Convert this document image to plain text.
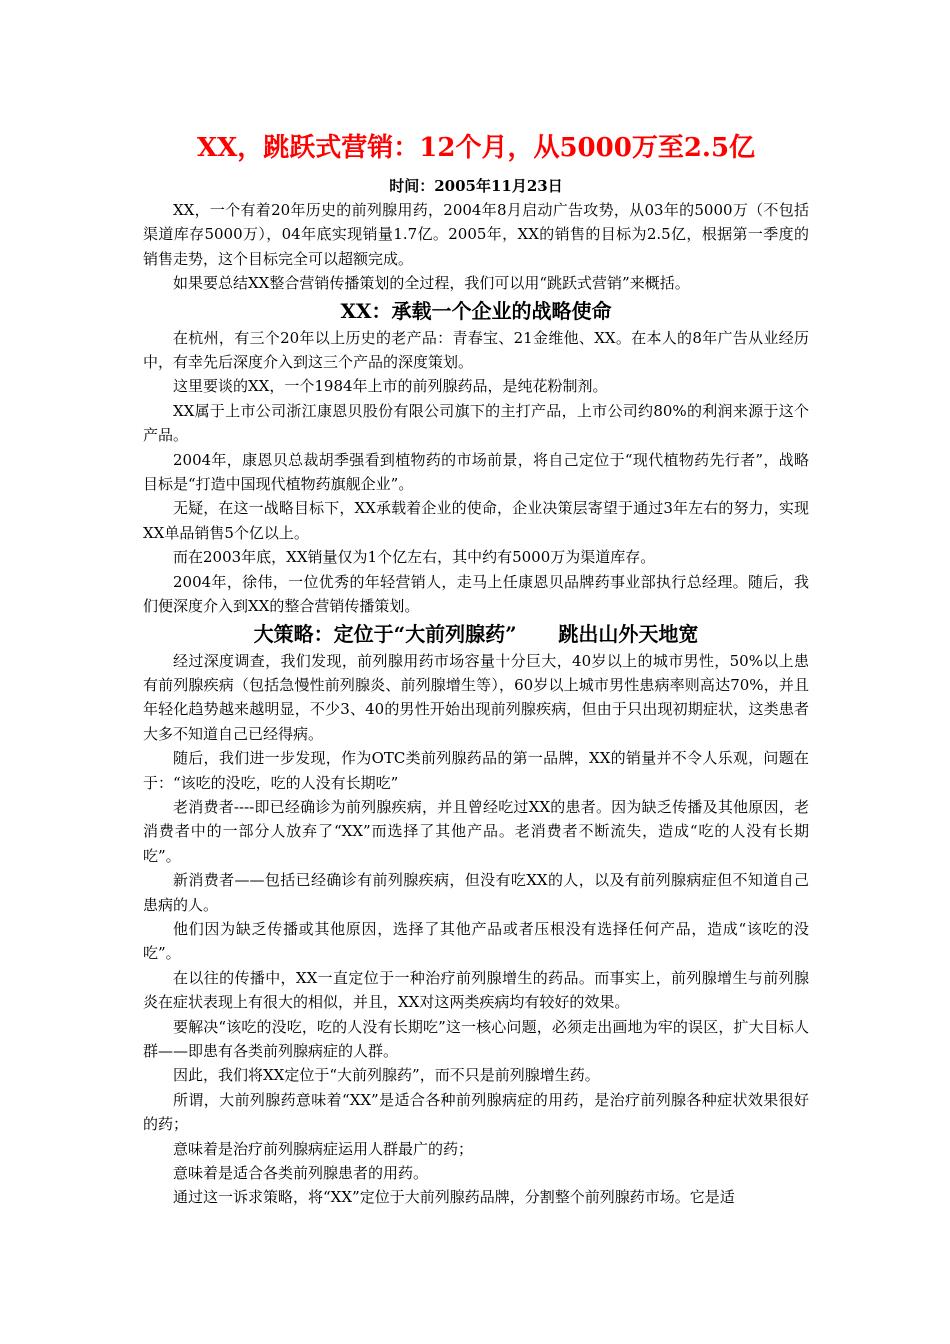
XX，跳跃式营销：12个月，从5000万至2.5亿

时间：2005年11月23日

XX，一个有着20年历史的前列腺用药，2004年8月启动广告攻势，从03年的5000万（不包括渠道库存5000万），04年底实现销量1.7亿。2005年，XX的销售的目标为2.5亿，根据第一季度的销售走势，这个目标完全可以超额完成。

如果要总结XX整合营销传播策划的全过程，我们可以用“跳跃式营销”来概括。

XX：承载一个企业的战略使命

在杭州，有三个20年以上历史的老产品：青春宝、21金维他、XX。在本人的8年广告从业经历中，有幸先后深度介入到这三个产品的深度策划。

这里要谈的XX，一个1984年上市的前列腺药品，是纯花粉制剂。

XX属于上市公司浙江康恩贝股份有限公司旗下的主打产品，上市公司约80%的利润来源于这个产品。

2004年，康恩贝总裁胡季强看到植物药的市场前景，将自己定位于“现代植物药先行者”，战略目标是“打造中国现代植物药旗舰企业”。

无疑，在这一战略目标下，XX承载着企业的使命，企业决策层寄望于通过3年左右的努力，实现XX单品销售5个亿以上。

而在2003年底，XX销量仅为1个亿左右，其中约有5000万为渠道库存。

2004年，徐伟，一位优秀的年轻营销人，走马上任康恩贝品牌药事业部执行总经理。随后，我们便深度介入到XX的整合营销传播策划。

大策略：定位于“大前列腺药”      跳出山外天地宽

经过深度调查，我们发现，前列腺用药市场容量十分巨大，40岁以上的城市男性，50%以上患有前列腺疾病（包括急慢性前列腺炎、前列腺增生等），60岁以上城市男性患病率则高达70%，并且年轻化趋势越来越明显，不少3、40的男性开始出现前列腺疾病，但由于只出现初期症状，这类患者大多不知道自己已经得病。

随后，我们进一步发现，作为OTC类前列腺药品的第一品牌，XX的销量并不令人乐观，问题在于：“该吃的没吃，吃的人没有长期吃”

老消费者----即已经确诊为前列腺疾病，并且曾经吃过XX的患者。因为缺乏传播及其他原因，老消费者中的一部分人放弃了“XX”而选择了其他产品。老消费者不断流失，造成“吃的人没有长期吃”。

新消费者——包括已经确诊有前列腺疾病，但没有吃XX的人，以及有前列腺病症但不知道自己患病的人。

他们因为缺乏传播或其他原因，选择了其他产品或者压根没有选择任何产品，造成“该吃的没吃”。

在以往的传播中，XX一直定位于一种治疗前列腺增生的药品。而事实上，前列腺增生与前列腺炎在症状表现上有很大的相似，并且，XX对这两类疾病均有较好的效果。

要解决“该吃的没吃，吃的人没有长期吃”这一核心问题，必须走出画地为牢的误区，扩大目标人群——即患有各类前列腺病症的人群。

因此，我们将XX定位于“大前列腺药”，而不只是前列腺增生药。

所谓，大前列腺药意味着“XX”是适合各种前列腺病症的用药，是治疗前列腺各种症状效果很好的药；

意味着是治疗前列腺病症运用人群最广的药；

意味着是适合各类前列腺患者的用药。

通过这一诉求策略，将“XX”定位于大前列腺药品牌，分割整个前列腺药市场。它是适
